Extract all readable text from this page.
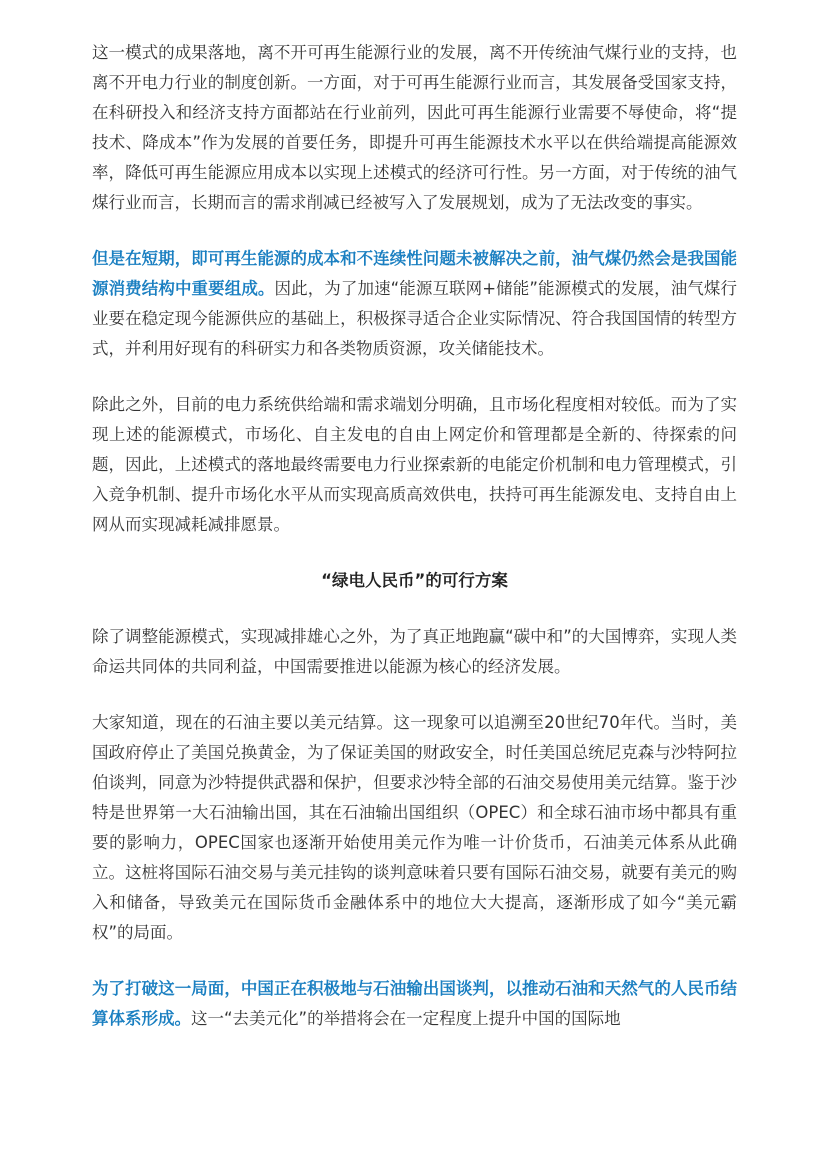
这一模式的成果落地，离不开可再生能源行业的发展，离不开传统油气煤行业的支持，也离不开电力行业的制度创新。一方面，对于可再生能源行业而言，其发展备受国家支持，在科研投入和经济支持方面都站在行业前列，因此可再生能源行业需要不辱使命，将“提技术、降成本”作为发展的首要任务，即提升可再生能源技术水平以在供给端提高能源效率，降低可再生能源应用成本以实现上述模式的经济可行性。另一方面，对于传统的油气煤行业而言，长期而言的需求削减已经被写入了发展规划，成为了无法改变的事实。

但是在短期，即可再生能源的成本和不连续性问题未被解决之前，油气煤仍然会是我国能源消费结构中重要组成。因此，为了加速“能源互联网+储能”能源模式的发展，油气煤行业要在稳定现今能源供应的基础上，积极探寻适合企业实际情况、符合我国国情的转型方式，并利用好现有的科研实力和各类物质资源，攻关储能技术。

除此之外，目前的电力系统供给端和需求端划分明确，且市场化程度相对较低。而为了实现上述的能源模式，市场化、自主发电的自由上网定价和管理都是全新的、待探索的问题，因此，上述模式的落地最终需要电力行业探索新的电能定价机制和电力管理模式，引入竞争机制、提升市场化水平从而实现高质高效供电，扶持可再生能源发电、支持自由上网从而实现减耗减排愿景。

“绿电人民币”的可行方案

除了调整能源模式，实现减排雄心之外，为了真正地跑赢“碳中和”的大国博弈，实现人类命运共同体的共同利益，中国需要推进以能源为核心的经济发展。

大家知道，现在的石油主要以美元结算。这一现象可以追溯至20世纪70年代。当时，美国政府停止了美国兑换黄金，为了保证美国的财政安全，时任美国总统尼克森与沙特阿拉伯谈判，同意为沙特提供武器和保护，但要求沙特全部的石油交易使用美元结算。鉴于沙特是世界第一大石油输出国，其在石油输出国组织（OPEC）和全球石油市场中都具有重要的影响力，OPEC国家也逐渐开始使用美元作为唯一计价货币，石油美元体系从此确立。这桩将国际石油交易与美元挂钩的谈判意味着只要有国际石油交易，就要有美元的购入和储备，导致美元在国际货币金融体系中的地位大大提高，逐渐形成了如今“美元霸权”的局面。

为了打破这一局面，中国正在积极地与石油输出国谈判，以推动石油和天然气的人民币结算体系形成。这一“去美元化”的举措将会在一定程度上提升中国的国际地
